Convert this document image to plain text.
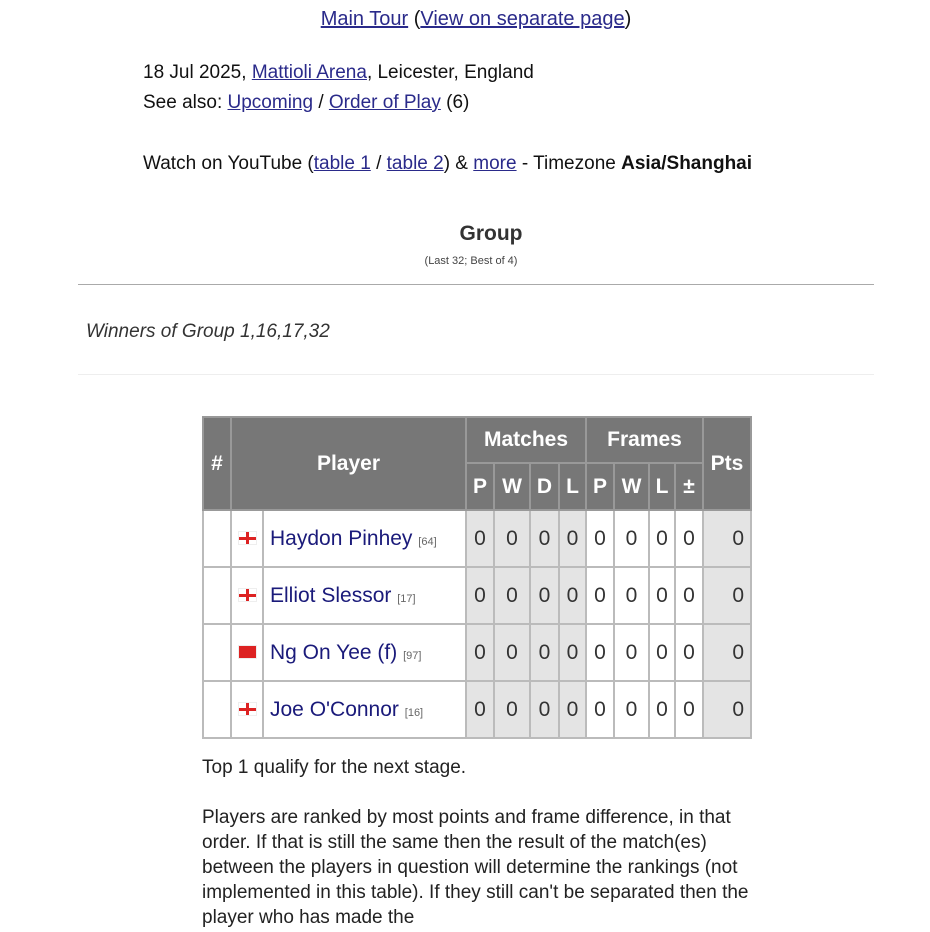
Main Tour (View on separate page)
18 Jul 2025, Mattioli Arena, Leicester, England
See also: Upcoming / Order of Play (6)
Watch on YouTube (table 1 / table 2) & more - Timezone Asia/Shanghai
Group
(Last 32; Best of 4)
Winners of Group 1,16,17,32
#	Player		Matches				Frames				Pts
			P	W	D	L	P	W	L	±	
		Haydon Pinhey [64]	0	0	0	0	0	0	0	0	0
		Elliot Slessor [17]	0	0	0	0	0	0	0	0	0
		Ng On Yee (f) [97]	0	0	0	0	0	0	0	0	0
		Joe O'Connor [16]	0	0	0	0	0	0	0	0	0
Top 1 qualify for the next stage.
Players are ranked by most points and frame difference, in that order. If that is still the same then the result of the match(es) between the players in question will determine the rankings (not implemented in this table). If they still can't be separated then the player who has made the
